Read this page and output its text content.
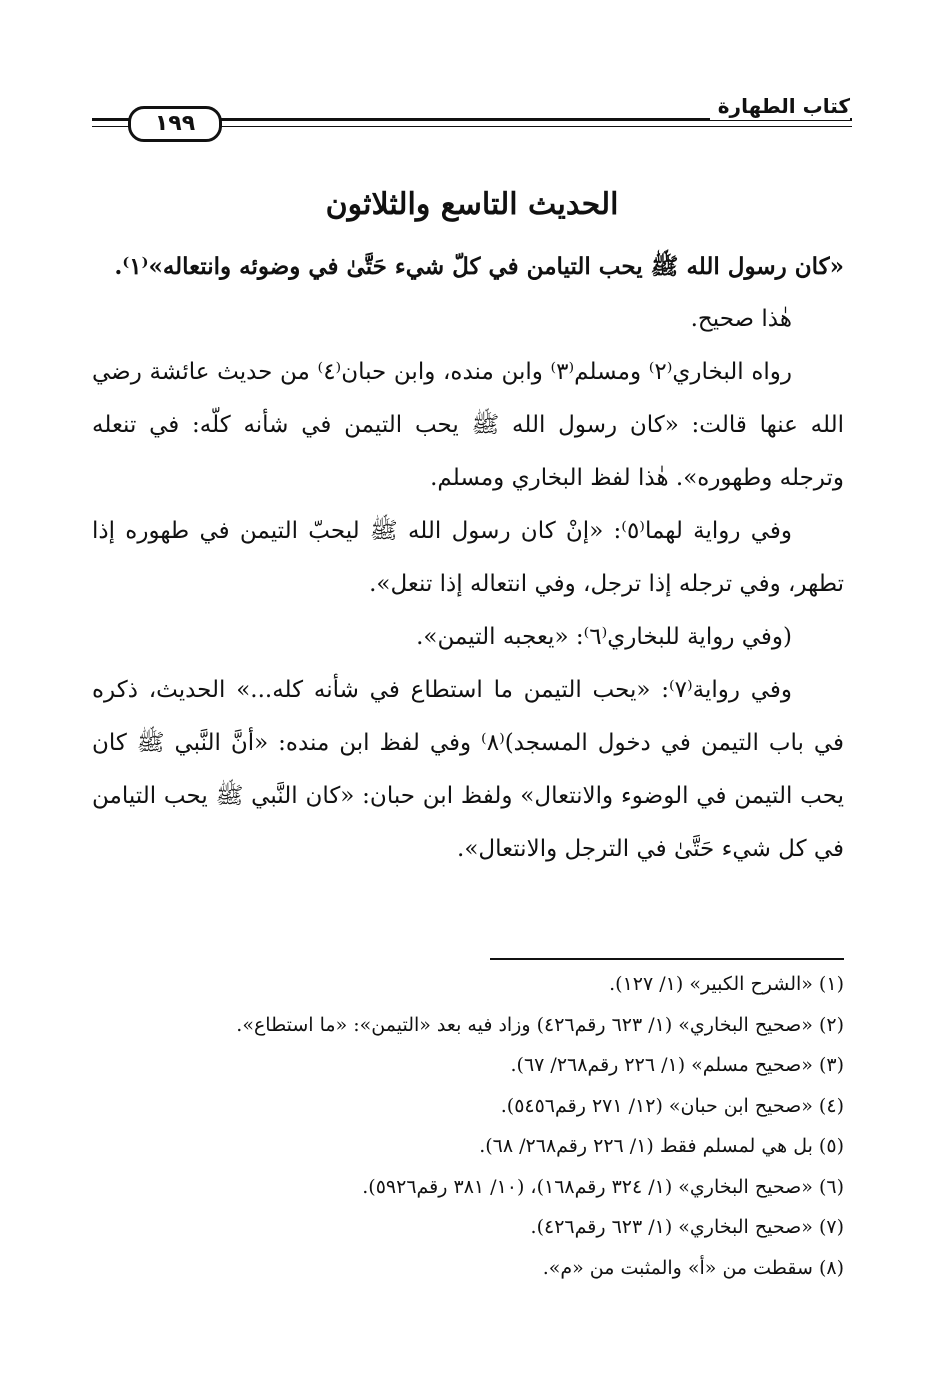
١٩٩
كتاب الطهارة
الحديث التاسع والثلاثون

«كان رسول الله ﷺ يحب التيامن في كلّ شيء حَتَّىٰ في وضوئه وانتعاله»⁽١⁾.

هٰذا صحيح.

رواه البخاري⁽٢⁾ ومسلم⁽٣⁾ وابن منده، وابن حبان⁽٤⁾ من حديث عائشة رضي الله عنها قالت: «كان رسول الله ﷺ يحب التيمن في شأنه كلّه: في تنعله وترجله وطهوره». هٰذا لفظ البخاري ومسلم.

وفي رواية لهما⁽٥⁾: «إنْ كان رسول الله ﷺ ليحبّ التيمن في طهوره إذا تطهر، وفي ترجله إذا ترجل، وفي انتعاله إذا تنعل».

(وفي رواية للبخاري⁽٦⁾: «يعجبه التيمن».

وفي رواية⁽٧⁾: «يحب التيمن ما استطاع في شأنه كله...» الحديث، ذكره في باب التيمن في دخول المسجد)⁽٨⁾ وفي لفظ ابن منده: «أنَّ النَّبي ﷺ كان يحب التيمن في الوضوء والانتعال» ولفظ ابن حبان: «كان النَّبي ﷺ يحب التيامن في كل شيء حَتَّىٰ في الترجل والانتعال».

(١) «الشرح الكبير» (١/ ١٢٧).
(٢) «صحيح البخاري» (١/ ٦٢٣ رقم٤٢٦) وزاد فيه بعد «التيمن»: «ما استطاع».
(٣) «صحيح مسلم» (١/ ٢٢٦ رقم٢٦٨/ ٦٧).
(٤) «صحيح ابن حبان» (١٢/ ٢٧١ رقم٥٤٥٦).
(٥) بل هي لمسلم فقط (١/ ٢٢٦ رقم٢٦٨/ ٦٨).
(٦) «صحيح البخاري» (١/ ٣٢٤ رقم١٦٨)، (١٠/ ٣٨١ رقم٥٩٢٦).
(٧) «صحيح البخاري» (١/ ٦٢٣ رقم٤٢٦).
(٨) سقطت من «أ» والمثبت من «م».
